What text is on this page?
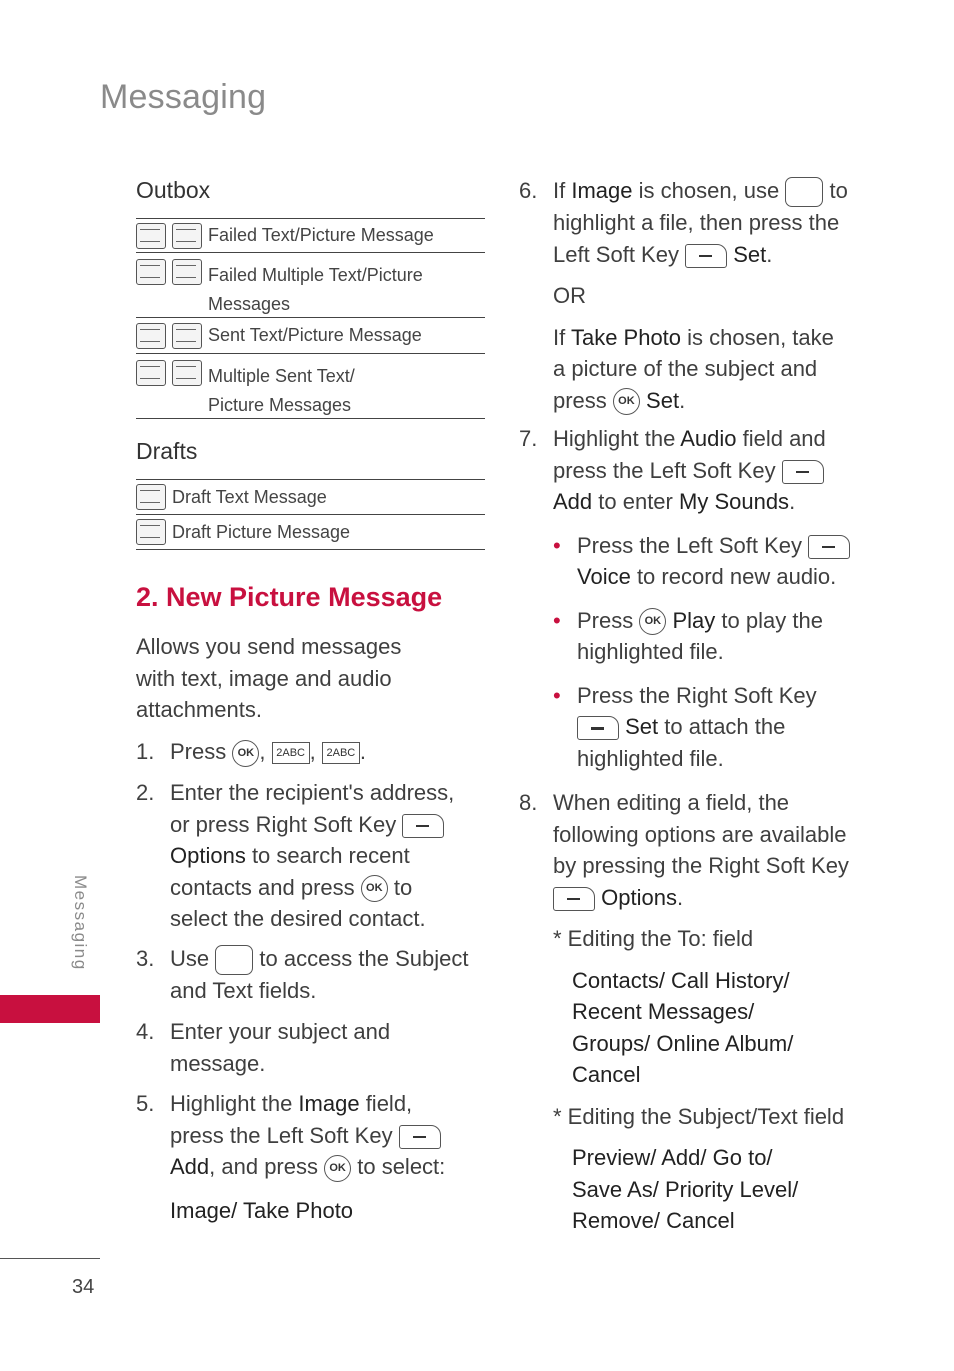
Messaging
Messaging
34
Outbox
Failed Text/Picture Message
Failed Multiple Text/Picture
Messages
Sent Text/Picture Message
Multiple Sent Text/
Picture Messages
Drafts
Draft Text Message
Draft Picture Message
2. New Picture Message
Allows you send messages
with text, image and audio
attachments.
1. Press OK , 2ABC , 2ABC .
2. Enter the recipient's address,
or press Right Soft Key
Options to search recent
contacts and press OK to
select the desired contact.
3. Use to access the Subject
and Text fields.
4. Enter your subject and
message.
5. Highlight the Image field,
press the Left Soft Key
Add, and press OK to select:
Image/ Take Photo
6. If Image is chosen, use  to
highlight a file, then press the
Left Soft Key Set.
OR
If Take Photo is chosen, take
a picture of the subject and
press OK Set.
7. Highlight the Audio field and
press the Left Soft Key
Add to enter My Sounds.
• Press the Left Soft Key
Voice to record new audio.
• Press OK Play to play the
highlighted file.
• Press the Right Soft Key
Set to attach the
highlighted file.
8. When editing a field, the
following options are available
by pressing the Right Soft Key
Options.
* Editing the To: field
Contacts/ Call History/
Recent Messages/
Groups/ Online Album/
Cancel
* Editing the Subject/Text field
Preview/ Add/ Go to/
Save As/ Priority Level/
Remove/ Cancel
